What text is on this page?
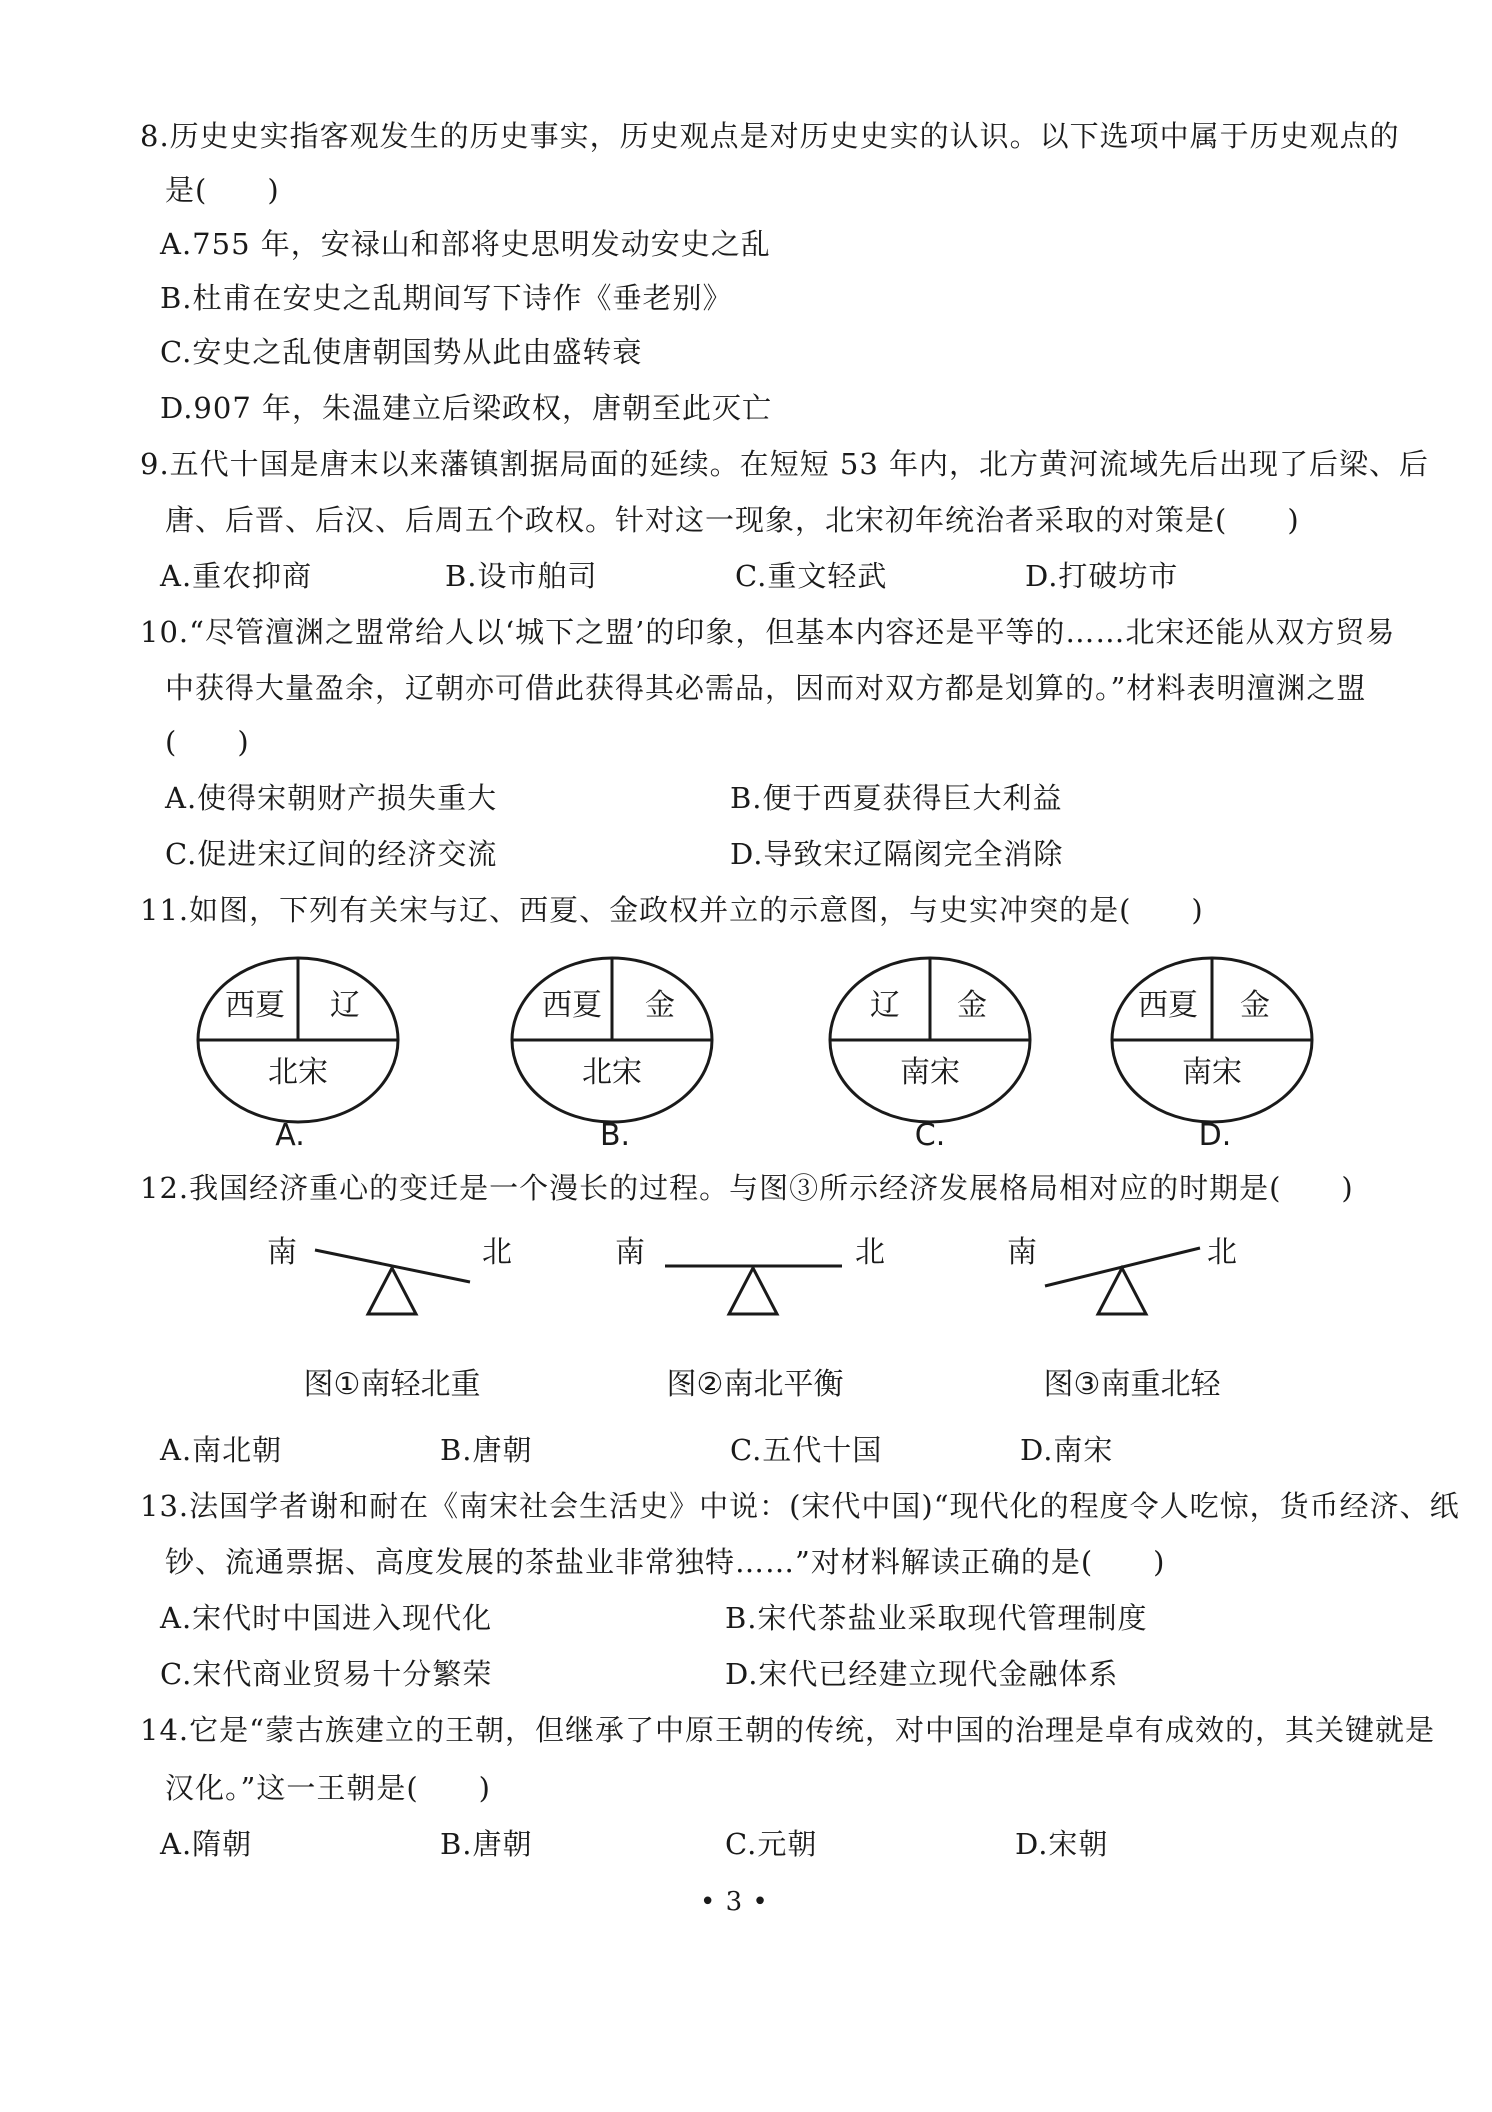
8.历史史实指客观发生的历史事实，历史观点是对历史史实的认识。以下选项中属于历史观点的
是(　　)
A.755 年，安禄山和部将史思明发动安史之乱
B.杜甫在安史之乱期间写下诗作《垂老别》
C.安史之乱使唐朝国势从此由盛转衰
D.907 年，朱温建立后梁政权，唐朝至此灭亡
9.五代十国是唐末以来藩镇割据局面的延续。在短短 53 年内，北方黄河流域先后出现了后梁、后
唐、后晋、后汉、后周五个政权。针对这一现象，北宋初年统治者采取的对策是(　　)
A.重农抑商	B.设市舶司	C.重文轻武	D.打破坊市
10.“尽管澶渊之盟常给人以‘城下之盟’的印象，但基本内容还是平等的……北宋还能从双方贸易
中获得大量盈余，辽朝亦可借此获得其必需品，因而对双方都是划算的。”材料表明澶渊之盟
(　　)
A.使得宋朝财产损失重大	B.便于西夏获得巨大利益
C.促进宋辽间的经济交流	D.导致宋辽隔阂完全消除
11.如图，下列有关宋与辽、西夏、金政权并立的示意图，与史实冲突的是(　　)
西夏 辽
北宋
A.
西夏 金
北宋
B.
辽 金
南宋
C.
西夏 金
南宋
D.
南	北
图①南轻北重
南	北
图②南北平衡
南	北
图③南重北轻
12.我国经济重心的变迁是一个漫长的过程。与图③所示经济发展格局相对应的时期是(　　)
A.南北朝	B.唐朝	C.五代十国	D.南宋
13.法国学者谢和耐在《南宋社会生活史》中说：(宋代中国)“现代化的程度令人吃惊，货币经济、纸
钞、流通票据、高度发展的茶盐业非常独特……”对材料解读正确的是(　　)
A.宋代时中国进入现代化	B.宋代茶盐业采取现代管理制度
C.宋代商业贸易十分繁荣	D.宋代已经建立现代金融体系
14.它是“蒙古族建立的王朝，但继承了中原王朝的传统，对中国的治理是卓有成效的，其关键就是
汉化。”这一王朝是(　　)
A.隋朝	B.唐朝	C.元朝	D.宋朝
• 3 •
